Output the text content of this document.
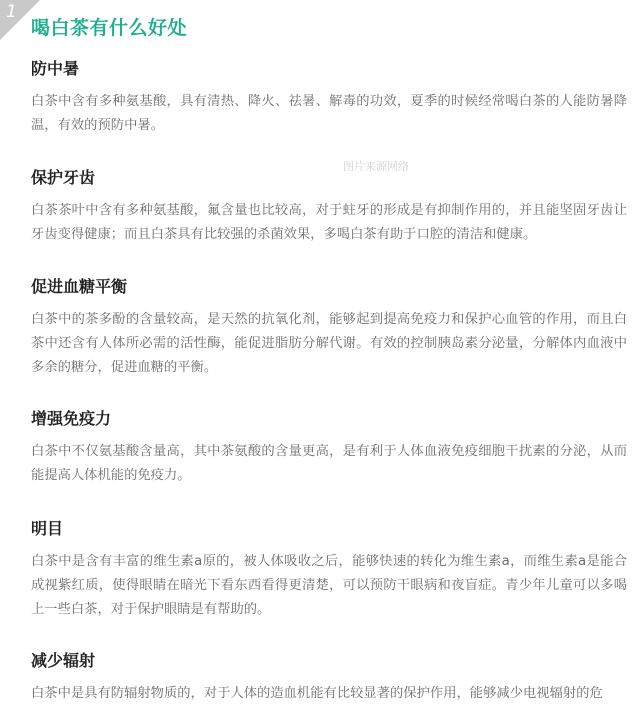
1
喝白茶有什么好处
图片来源网络
防中暑

白茶中含有多种氨基酸，具有清热、降火、祛暑、解毒的功效，夏季的时候经常喝白茶的人能防暑降温，有效的预防中暑。

保护牙齿

白茶茶叶中含有多种氨基酸，氟含量也比较高，对于蛀牙的形成是有抑制作用的，并且能坚固牙齿让牙齿变得健康；而且白茶具有比较强的杀菌效果，多喝白茶有助于口腔的清洁和健康。

促进血糖平衡

白茶中的茶多酚的含量较高，是天然的抗氧化剂，能够起到提高免疫力和保护心血管的作用，而且白茶中还含有人体所必需的活性酶，能促进脂肪分解代谢。有效的控制胰岛素分泌量，分解体内血液中多余的糖分，促进血糖的平衡。

增强免疫力

白茶中不仅氨基酸含量高，其中茶氨酸的含量更高，是有利于人体血液免疫细胞干扰素的分泌，从而能提高人体机能的免疫力。

明目

白茶中是含有丰富的维生素a原的，被人体吸收之后，能够快速的转化为维生素a，而维生素a是能合成视紫红质，使得眼睛在暗光下看东西看得更清楚，可以预防干眼病和夜盲症。青少年儿童可以多喝上一些白茶，对于保护眼睛是有帮助的。

减少辐射

白茶中是具有防辐射物质的，对于人体的造血机能有比较显著的保护作用，能够减少电视辐射的危
